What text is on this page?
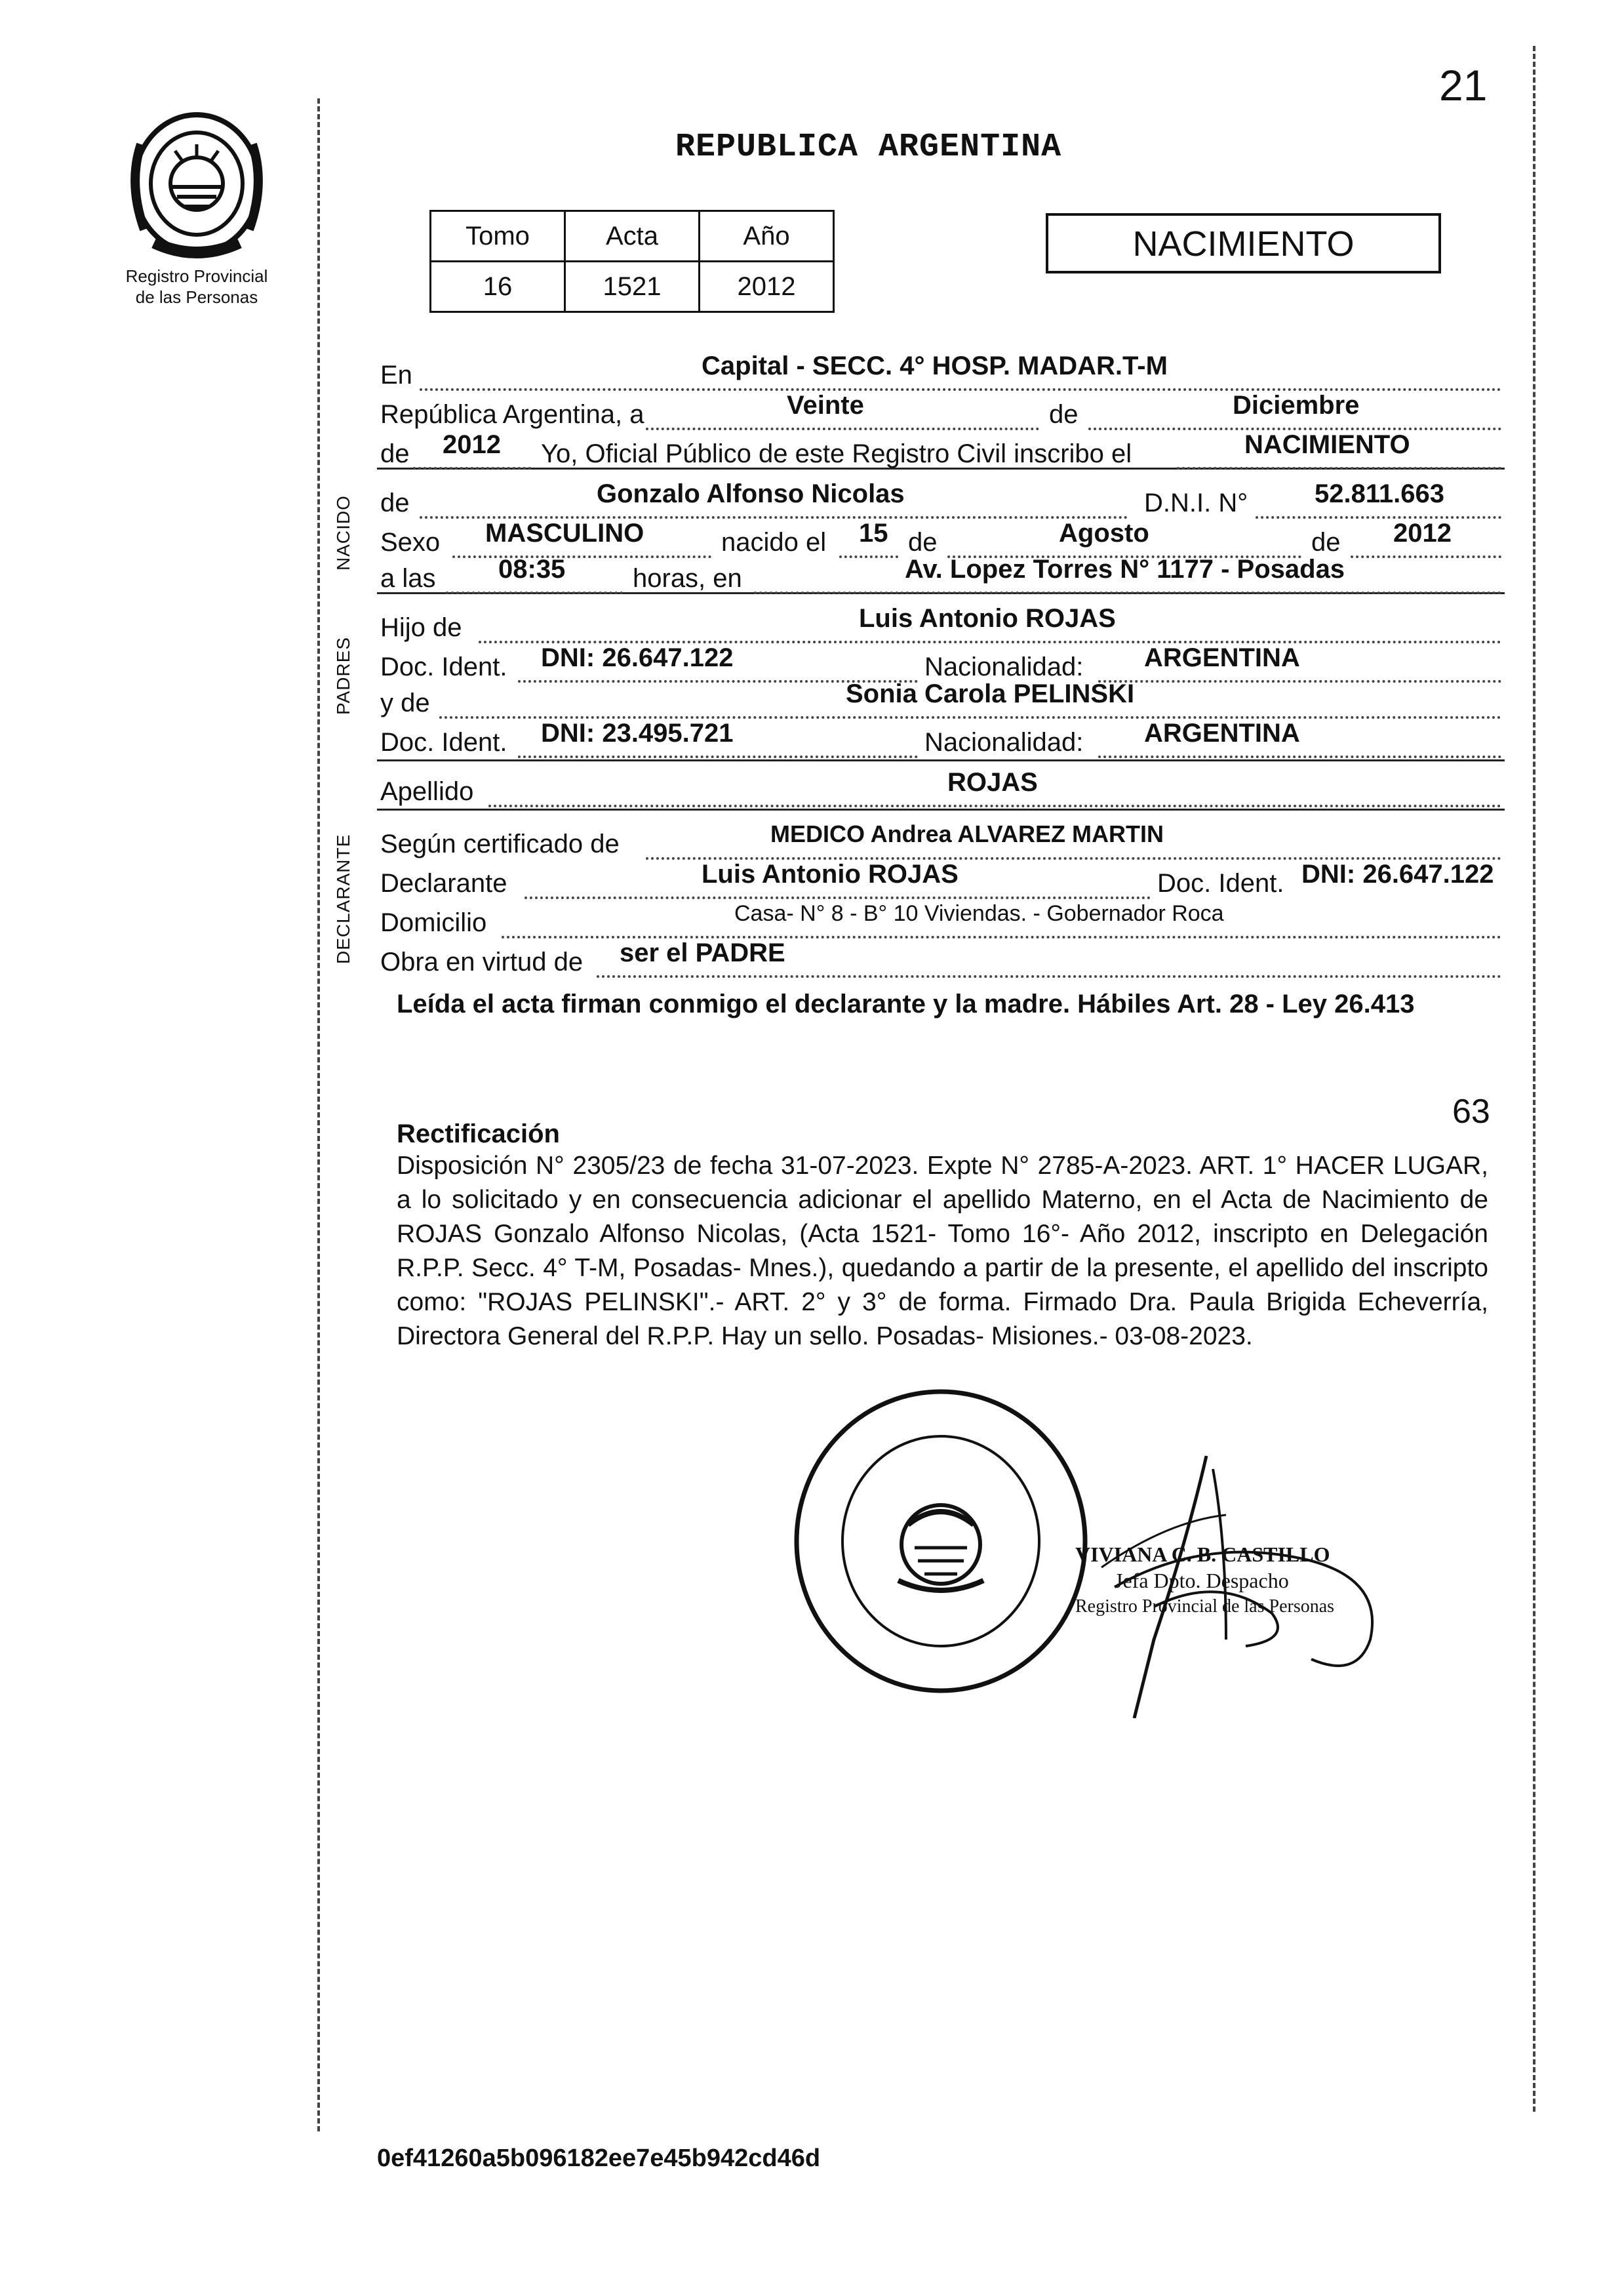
21
Registro Provincial
de las Personas
REPUBLICA ARGENTINA
Tomo	Acta	Año
16	1521	2012
NACIMIENTO
NACIDO
PADRES
DECLARANTE
En	Capital - SECC. 4° HOSP. MADAR.T-M
República Argentina, a	Veinte	de	Diciembre
de 2012 Yo, Oficial Público de este Registro Civil inscribo el	NACIMIENTO
de	Gonzalo Alfonso Nicolas	D.N.I. N°	52.811.663
Sexo MASCULINO	nacido el 15 de	Agosto	de 2012
a las 08:35	horas, en	Av. Lopez Torres N° 1177 - Posadas
Hijo de	Luis Antonio ROJAS
Doc. Ident. DNI: 26.647.122	Nacionalidad: ARGENTINA
y de	Sonia Carola PELINSKI
Doc. Ident. DNI: 23.495.721	Nacionalidad: ARGENTINA
Apellido	ROJAS
Según certificado de	MEDICO Andrea ALVAREZ MARTIN
Declarante	Luis Antonio ROJAS	Doc. Ident. DNI: 26.647.122
Domicilio	Casa- N° 8 - B° 10 Viviendas. - Gobernador Roca
Obra en virtud de ser el PADRE
Leída el acta firman conmigo el declarante y la madre. Hábiles Art. 28 - Ley 26.413
63
Rectificación
Disposición N° 2305/23 de fecha 31-07-2023. Expte N° 2785-A-2023. ART. 1° HACER LUGAR, a lo solicitado y en consecuencia adicionar el apellido Materno, en el Acta de Nacimiento de ROJAS Gonzalo Alfonso Nicolas, (Acta 1521- Tomo 16°- Año 2012, inscripto en Delegación R.P.P. Secc. 4° T-M, Posadas- Mnes.), quedando a partir de la presente, el apellido del inscripto como: "ROJAS PELINSKI".- ART. 2° y 3° de forma. Firmado Dra. Paula Brigida Echeverría, Directora General del R.P.P. Hay un sello. Posadas- Misiones.- 03-08-2023.
VIVIANA C. B. CASTILLO
Jefa Dpto. Despacho
Registro Provincial de las Personas
0ef41260a5b096182ee7e45b942cd46d
